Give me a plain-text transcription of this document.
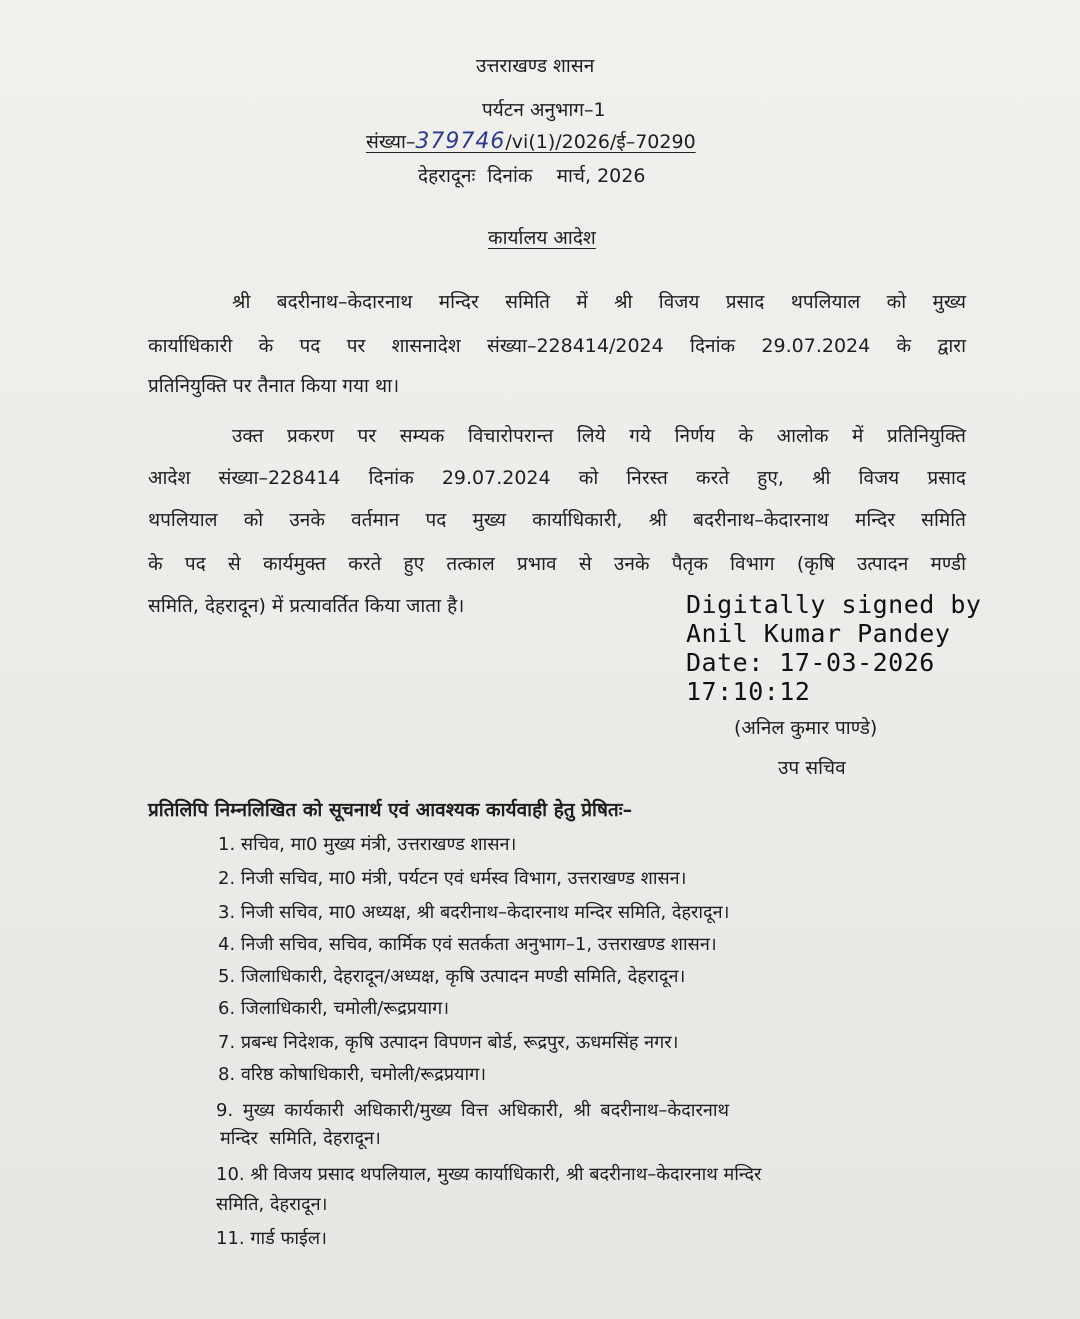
उत्तराखण्ड शासन
पर्यटन अनुभाग–1
संख्या–379746/vi(1)/2026/ई–70290
देहरादूनः  दिनांक    मार्च, 2026
कार्यालय आदेश
श्री बदरीनाथ–केदारनाथ मन्दिर समिति में श्री विजय प्रसाद थपलियाल को मुख्य
कार्याधिकारी के पद पर शासनादेश संख्या–228414/2024 दिनांक 29.07.2024 के द्वारा
प्रतिनियुक्ति पर तैनात किया गया था।
उक्त प्रकरण पर सम्यक विचारोपरान्त लिये गये निर्णय के आलोक में प्रतिनियुक्ति
आदेश संख्या–228414 दिनांक 29.07.2024 को निरस्त करते हुए, श्री विजय प्रसाद
थपलियाल को उनके वर्तमान पद मुख्य कार्याधिकारी, श्री बदरीनाथ–केदारनाथ मन्दिर समिति
के पद से कार्यमुक्त करते हुए तत्काल प्रभाव से उनके पैतृक विभाग (कृषि उत्पादन मण्डी
समिति, देहरादून) में प्रत्यावर्तित किया जाता है।	Digitally signed by
Anil Kumar Pandey
Date: 17-03-2026
17:10:12
(अनिल कुमार पाण्डे)
उप सचिव
प्रतिलिपि निम्नलिखित को सूचनार्थ एवं आवश्यक कार्यवाही हेतु प्रेषितः–
1. सचिव, मा0 मुख्य मंत्री, उत्तराखण्ड शासन।
2. निजी सचिव, मा0 मंत्री, पर्यटन एवं धर्मस्व विभाग, उत्तराखण्ड शासन।
3. निजी सचिव, मा0 अध्यक्ष, श्री बदरीनाथ–केदारनाथ मन्दिर समिति, देहरादून।
4. निजी सचिव, सचिव, कार्मिक एवं सतर्कता अनुभाग–1, उत्तराखण्ड शासन।
5. जिलाधिकारी, देहरादून/अध्यक्ष, कृषि उत्पादन मण्डी समिति, देहरादून।
6. जिलाधिकारी, चमोली/रूद्रप्रयाग।
7. प्रबन्ध निदेशक, कृषि उत्पादन विपणन बोर्ड, रूद्रपुर, ऊधमसिंह नगर।
8. वरिष्ठ कोषाधिकारी, चमोली/रूद्रप्रयाग।
9. मुख्य कार्यकारी अधिकारी/मुख्य वित्त अधिकारी, श्री बदरीनाथ–केदारनाथ
मन्दिर  समिति, देहरादून।
10. श्री विजय प्रसाद थपलियाल, मुख्य कार्याधिकारी, श्री बदरीनाथ–केदारनाथ मन्दिर
समिति, देहरादून।
11. गार्ड फाईल।
